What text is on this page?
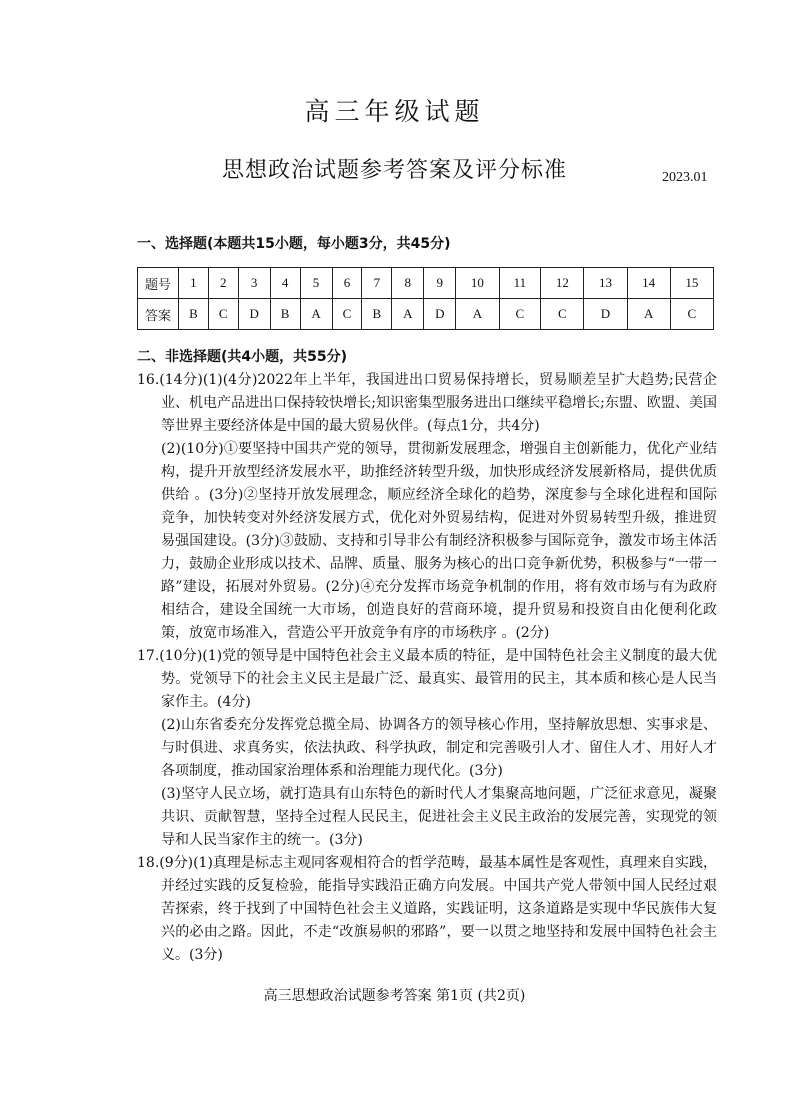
高三年级试题
思想政治试题参考答案及评分标准	2023.01
一、选择题(本题共15小题，每小题3分，共45分)
题号	1	2	3	4	5	6	7	8	9	10	11	12	13	14	15
答案	B	C	D	B	A	C	B	A	D	A	C	C	D	A	C
二、非选择题(共4小题，共55分)

16.(14分)(1)(4分)2022年上半年，我国进出口贸易保持增长，贸易顺差呈扩大趋势;民营企业、机电产品进出口保持较快增长;知识密集型服务进出口继续平稳增长;东盟、欧盟、美国等世界主要经济体是中国的最大贸易伙伴。(每点1分，共4分)

(2)(10分)①要坚持中国共产党的领导，贯彻新发展理念，增强自主创新能力，优化产业结构，提升开放型经济发展水平，助推经济转型升级，加快形成经济发展新格局，提供优质供给 。(3分)②坚持开放发展理念，顺应经济全球化的趋势，深度参与全球化进程和国际竞争，加快转变对外经济发展方式，优化对外贸易结构，促进对外贸易转型升级，推进贸易强国建设。(3分)③鼓励、支持和引导非公有制经济积极参与国际竞争，激发市场主体活力，鼓励企业形成以技术、品牌、质量、服务为核心的出口竞争新优势，积极参与“一带一路”建设，拓展对外贸易。(2分)④充分发挥市场竞争机制的作用，将有效市场与有为政府相结合，建设全国统一大市场，创造良好的营商环境，提升贸易和投资自由化便利化政策，放宽市场准入，营造公平开放竞争有序的市场秩序 。(2分)

17.(10分)(1)党的领导是中国特色社会主义最本质的特征，是中国特色社会主义制度的最大优势。党领导下的社会主义民主是最广泛、最真实、最管用的民主，其本质和核心是人民当家作主。(4分)

(2)山东省委充分发挥党总揽全局、协调各方的领导核心作用，坚持解放思想、实事求是、与时俱进、求真务实，依法执政、科学执政，制定和完善吸引人才、留住人才、用好人才各项制度，推动国家治理体系和治理能力现代化。(3分)

(3)坚守人民立场，就打造具有山东特色的新时代人才集聚高地问题，广泛征求意见，凝聚共识、贡献智慧，坚持全过程人民民主，促进社会主义民主政治的发展完善，实现党的领导和人民当家作主的统一。(3分)

18.(9分)(1)真理是标志主观同客观相符合的哲学范畴，最基本属性是客观性，真理来自实践，并经过实践的反复检验，能指导实践沿正确方向发展。中国共产党人带领中国人民经过艰苦探索，终于找到了中国特色社会主义道路，实践证明，这条道路是实现中华民族伟大复兴的必由之路。因此，不走“改旗易帜的邪路”，要一以贯之地坚持和发展中国特色社会主义。(3分)

高三思想政治试题参考答案 第1页 (共2页)
